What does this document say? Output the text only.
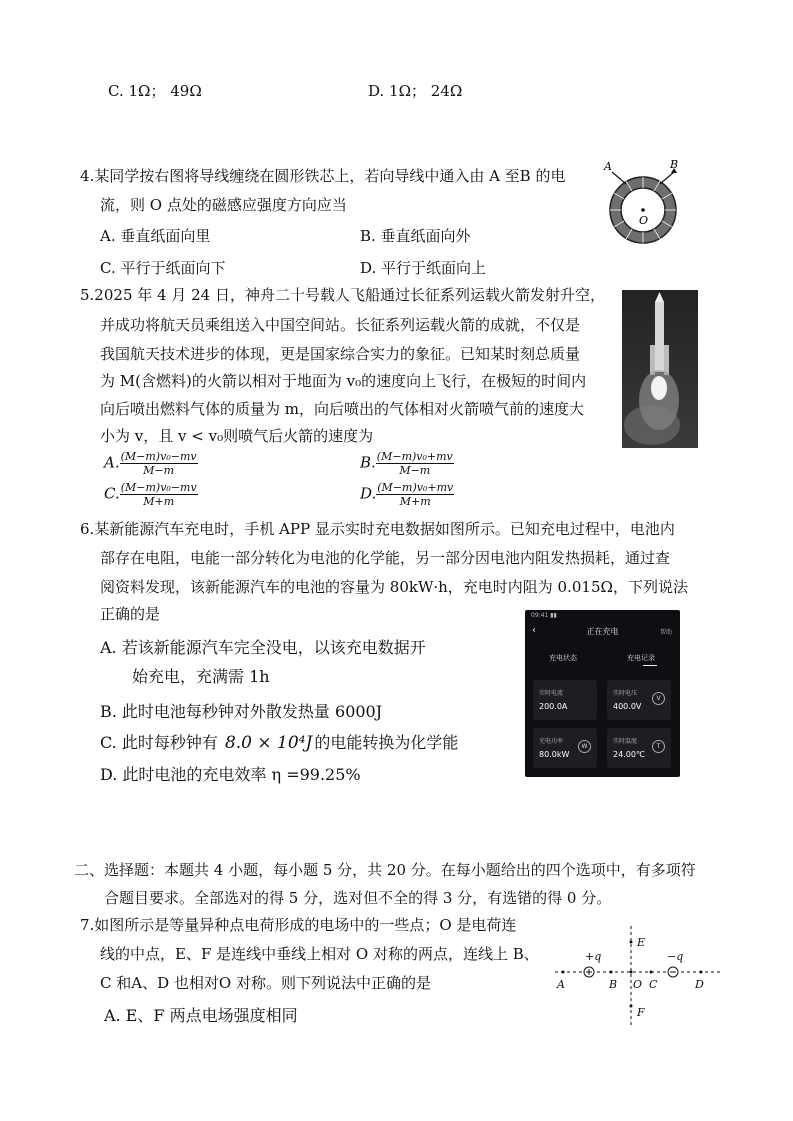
C. 1Ω； 49Ω	D. 1Ω； 24Ω
4.某同学按右图将导线缠绕在圆形铁芯上，若向导线中通入由 A 至B 的电
流，则 O 点处的磁感应强度方向应当
A. 垂直纸面向里	B. 垂直纸面向外
C. 平行于纸面向下	D. 平行于纸面向上
A	B
O
5.2025 年 4 月 24 日，神舟二十号载人飞船通过长征系列运载火箭发射升空，
并成功将航天员乘组送入中国空间站。长征系列运载火箭的成就，不仅是
我国航天技术进步的体现，更是国家综合实力的象征。已知某时刻总质量
为 M(含燃料)的火箭以相对于地面为 v₀的速度向上飞行，在极短的时间内
向后喷出燃料气体的质量为 m，向后喷出的气体相对火箭喷气前的速度大
小为 v，且 v < v₀则喷气后火箭的速度为
A. $\frac{\text{(M−m)v₀−mv}}{M-m}$	B. $\frac{\text{(M−m)v₀+mv}}{M-m}$
C. $\frac{\text{(M−m)v₀−mv}}{M+m}$	D. $\frac{\text{(M−m)v₀+mv}}{M+m}$
6.某新能源汽车充电时，手机 APP 显示实时充电数据如图所示。已知充电过程中，电池内
部存在电阻，电能一部分转化为电池的化学能，另一部分因电池内阻发热损耗，通过查
阅资料发现，该新能源汽车的电池的容量为 80kW·h，充电时内阻为 0.015Ω，下列说法
正确的是
A. 若该新能源汽车完全没电，以该充电数据开
始充电，充满需 1h
B. 此时电池每秒钟对外散发热量 6000J
C. 此时每秒钟有 8.0 × 10⁴J 的电能转换为化学能
D. 此时电池的充电效率 η =99.25%
09:41 ▮▮
‹	正在充电	帮助
充电状态	充电记录
实时电流
200.0A
实时电压
400.0V
V
充电功率
80.0kW
W
实时温度
24.00℃
T
二、选择题：本题共 4 小题，每小题 5 分，共 20 分。在每小题给出的四个选项中，有多项符
合题目要求。全部选对的得 5 分，选对但不全的得 3 分，有选错的得 0 分。
7.如图所示是等量异种点电荷形成的电场中的一些点；O 是电荷连
线的中点，E、F 是连线中垂线上相对 O 对称的两点，连线上 B、
C 和A、D 也相对O 对称。则下列说法中正确的是
A. E、F 两点电场强度相同
+q	−q
A	B O C	D
E
F
